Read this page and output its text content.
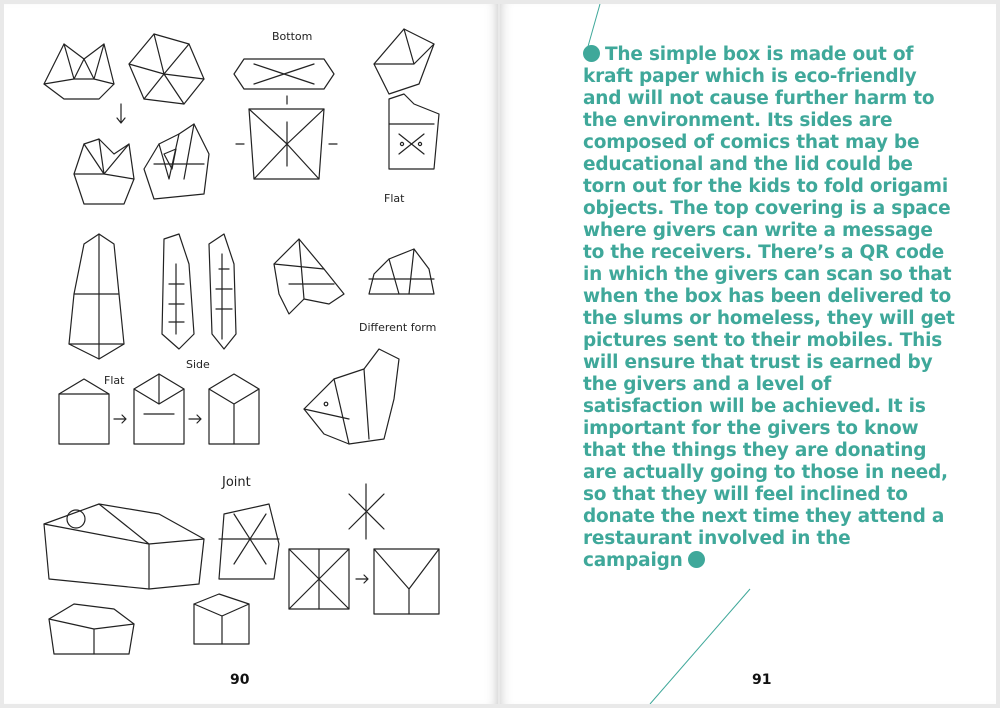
Bottom
Flat
Different form
Side
Flat
Joint
90

The simple box is made out of kraft paper which is eco-friendly and will not cause further harm to the environment. Its sides are composed of comics that may be educational and the lid could be torn out for the kids to fold origami objects. The top covering is a space where givers can write a message to the receivers. There’s a QR code in which the givers can scan so that when the box has been delivered to the slums or homeless, they will get pictures sent to their mobiles. This will ensure that trust is earned by the givers and a level of satisfaction will be achieved. It is important for the givers to know that the things they are donating are actually going to those in need, so that they will feel inclined to donate the next time they attend a restaurant involved in the campaign

91
